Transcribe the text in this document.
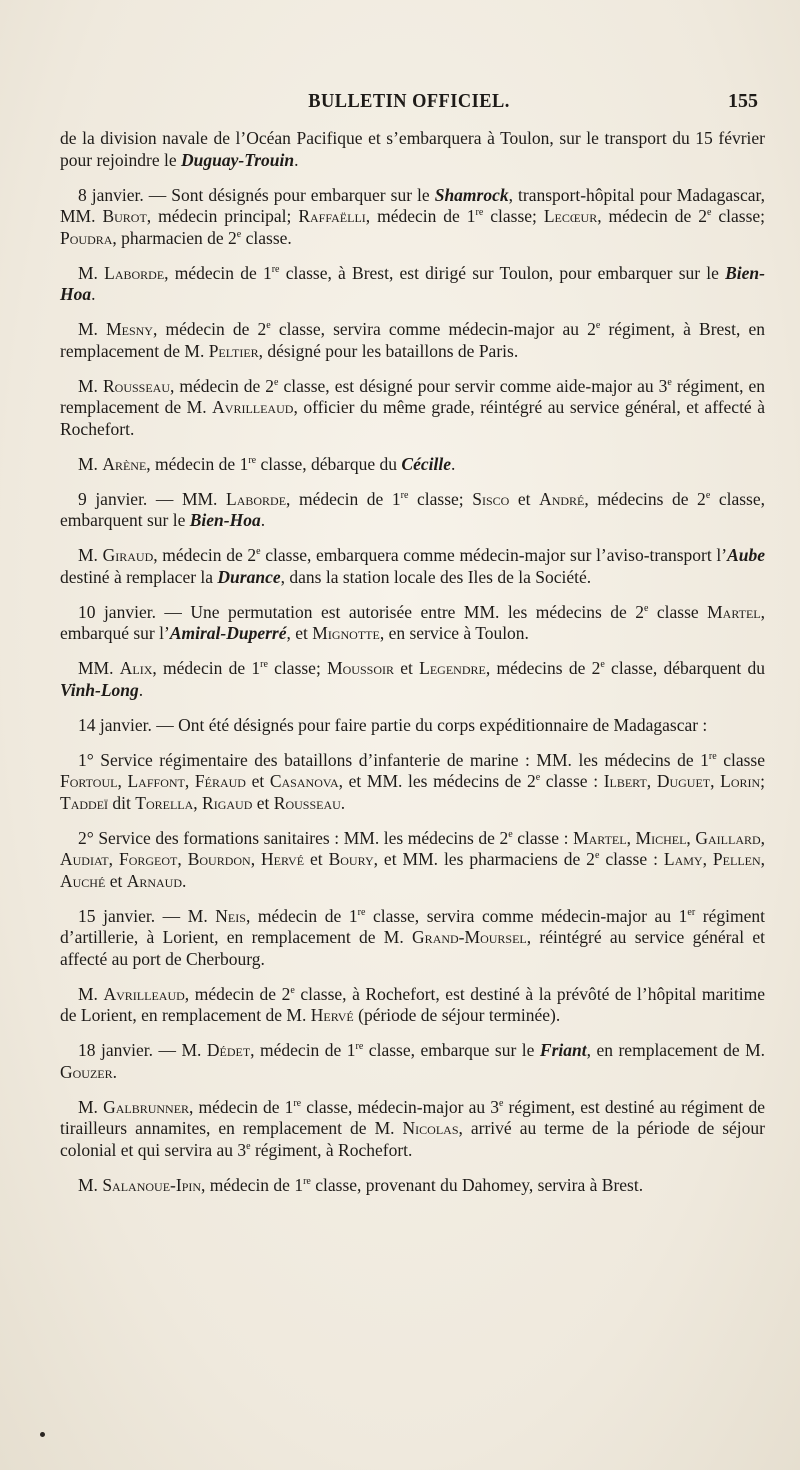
BULLETIN OFFICIEL.	155

de la division navale de l’Océan Pacifique et s’embarquera à Toulon, sur le transport du 15 février pour rejoindre le Duguay-Trouin.

8 janvier. — Sont désignés pour embarquer sur le Shamrock, transport-hôpital pour Madagascar, MM. Burot, médecin principal; Raffaëlli, médecin de 1re classe; Lecœur, médecin de 2e classe; Poudra, pharmacien de 2e classe.

M. Laborde, médecin de 1re classe, à Brest, est dirigé sur Toulon, pour embarquer sur le Bien-Hoa.

M. Mesny, médecin de 2e classe, servira comme médecin-major au 2e régiment, à Brest, en remplacement de M. Peltier, désigné pour les bataillons de Paris.

M. Rousseau, médecin de 2e classe, est désigné pour servir comme aide-major au 3e régiment, en remplacement de M. Avrilleaud, officier du même grade, réintégré au service général, et affecté à Rochefort.

M. Arène, médecin de 1re classe, débarque du Cécille.

9 janvier. — MM. Laborde, médecin de 1re classe; Sisco et André, médecins de 2e classe, embarquent sur le Bien-Hoa.

M. Giraud, médecin de 2e classe, embarquera comme médecin-major sur l’aviso-transport l’Aube destiné à remplacer la Durance, dans la station locale des Iles de la Société.

10 janvier. — Une permutation est autorisée entre MM. les médecins de 2e classe Martel, embarqué sur l’Amiral-Duperré, et Mignotte, en service à Toulon.

MM. Alix, médecin de 1re classe; Moussoir et Legendre, médecins de 2e classe, débarquent du Vinh-Long.

14 janvier. — Ont été désignés pour faire partie du corps expéditionnaire de Madagascar :

1° Service régimentaire des bataillons d’infanterie de marine : MM. les médecins de 1re classe Fortoul, Laffont, Féraud et Casanova, et MM. les médecins de 2e classe : Ilbert, Duguet, Lorin; Taddeï dit Torella, Rigaud et Rousseau.

2° Service des formations sanitaires : MM. les médecins de 2e classe : Martel, Michel, Gaillard, Audiat, Forgeot, Bourdon, Hervé et Boury, et MM. les pharmaciens de 2e classe : Lamy, Pellen, Auché et Arnaud.

15 janvier. — M. Neis, médecin de 1re classe, servira comme médecin-major au 1er régiment d’artillerie, à Lorient, en remplacement de M. Grand-Moursel, réintégré au service général et affecté au port de Cherbourg.

M. Avrilleaud, médecin de 2e classe, à Rochefort, est destiné à la prévôté de l’hôpital maritime de Lorient, en remplacement de M. Hervé (période de séjour terminée).

18 janvier. — M. Dédet, médecin de 1re classe, embarque sur le Friant, en remplacement de M. Gouzer.

M. Galbrunner, médecin de 1re classe, médecin-major au 3e régiment, est destiné au régiment de tirailleurs annamites, en remplacement de M. Nicolas, arrivé au terme de la période de séjour colonial et qui servira au 3e régiment, à Rochefort.

M. Salanoue-Ipin, médecin de 1re classe, provenant du Dahomey, servira à Brest.
